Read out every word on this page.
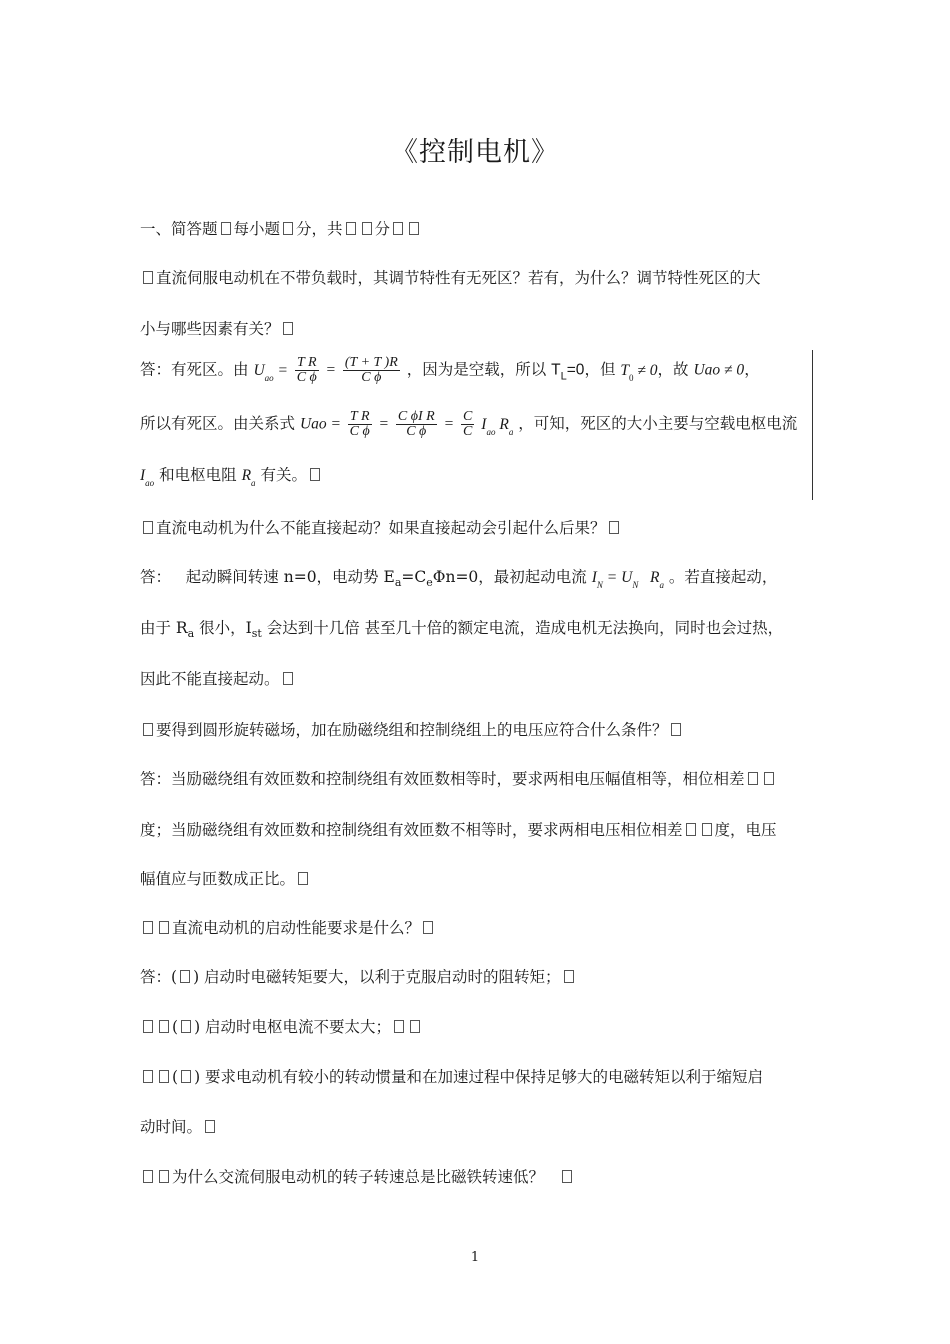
《控制电机》
一、简答题 每小题 分，共 分
直流伺服电动机在不带负载时，其调节特性有无死区？若有，为什么？调节特性死区的大
小与哪些因素有关？
答：有死区。由 $U_{ao} = \frac{\text{T R}}{\text{C ϕ}} = \frac{(T + T )R}{\text{C ϕ}}$ ，因为是空载，所以 $T_L=0$，但 $T_0 \ne 0$，故 Uao ≠ 0，
所以有死区。由关系式 Uao = $\frac{\text{T R}}{\text{C ϕ}} = \frac{\text{C ϕI R}}{\text{C ϕ}} = \frac{C}{C} I_{ao}$ $R_a$ ，可知，死区的大小主要与空载电枢电流
$I_{ao}$ 和电枢电阻 $R_a$ 有关。
直流电动机为什么不能直接起动？如果直接起动会引起什么后果？
答： 起动瞬间转速 n=0，电动势 $E_a=C_e\Phi n=0$，最初起动电流 $I_N = U_N$   $R_a$ 。若直接起动，
由于 $R_a$ 很小，$I_{st}$ 会达到十几倍 甚至几十倍的额定电流，造成电机无法换向，同时也会过热，
因此不能直接起动。
要得到圆形旋转磁场，加在励磁绕组和控制绕组上的电压应符合什么条件？
答：当励磁绕组有效匝数和控制绕组有效匝数相等时，要求两相电压幅值相等，相位相差
度；当励磁绕组有效匝数和控制绕组有效匝数不相等时，要求两相电压相位相差 度，电压
幅值应与匝数成正比。
直流电动机的启动性能要求是什么？
答：( ) 启动时电磁转矩要大，以利于克服启动时的阻转矩；
( ) 启动时电枢电流不要太大；
( ) 要求电动机有较小的转动惯量和在加速过程中保持足够大的电磁转矩以利于缩短启
动时间。
为什么交流伺服电动机的转子转速总是比磁铁转速低？
1
